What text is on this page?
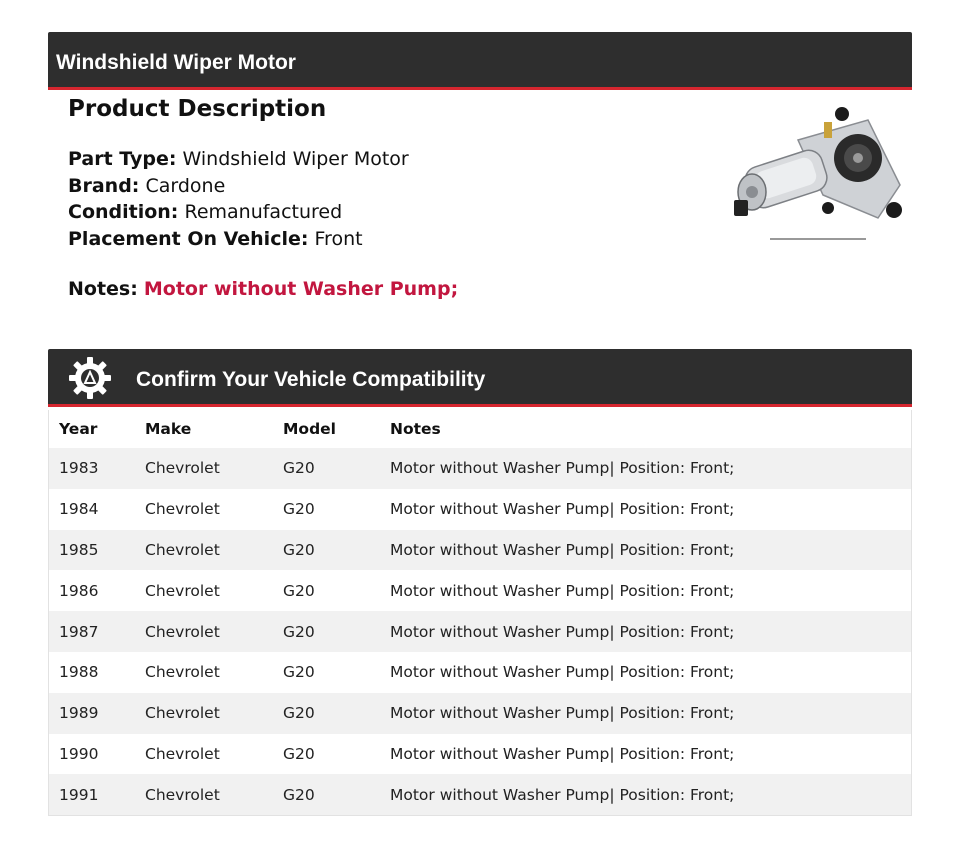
Windshield Wiper Motor
Product Description
Part Type: Windshield Wiper Motor
Brand: Cardone
Condition: Remanufactured
Placement On Vehicle: Front
Notes: Motor without Washer Pump;
Confirm Your Vehicle Compatibility
Year	Make	Model	Notes
1983	Chevrolet	G20	Motor without Washer Pump| Position: Front;
1984	Chevrolet	G20	Motor without Washer Pump| Position: Front;
1985	Chevrolet	G20	Motor without Washer Pump| Position: Front;
1986	Chevrolet	G20	Motor without Washer Pump| Position: Front;
1987	Chevrolet	G20	Motor without Washer Pump| Position: Front;
1988	Chevrolet	G20	Motor without Washer Pump| Position: Front;
1989	Chevrolet	G20	Motor without Washer Pump| Position: Front;
1990	Chevrolet	G20	Motor without Washer Pump| Position: Front;
1991	Chevrolet	G20	Motor without Washer Pump| Position: Front;
